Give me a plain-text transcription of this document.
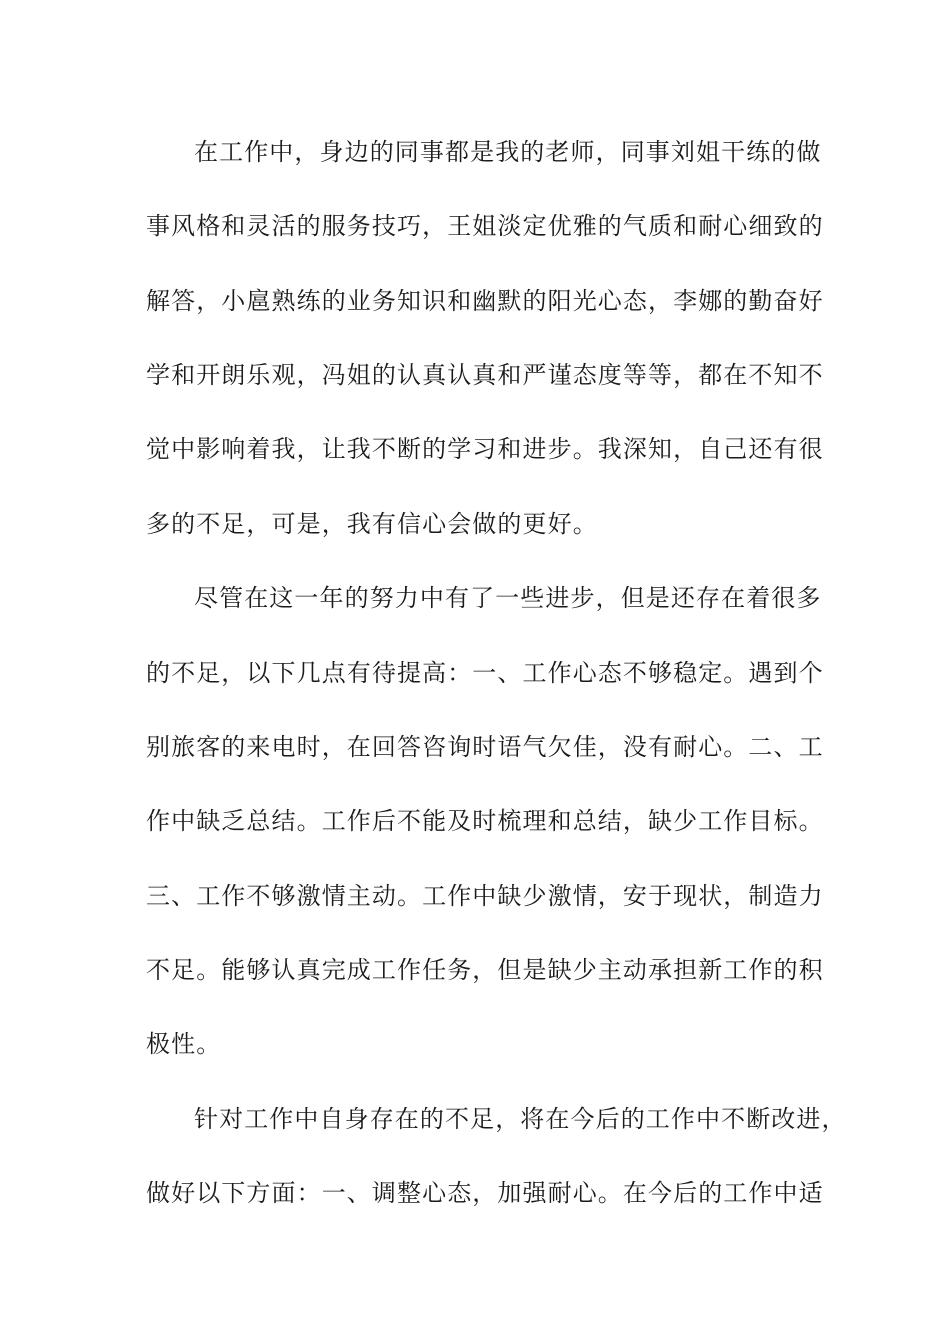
在工作中，身边的同事都是我的老师，同事刘姐干练的做
事风格和灵活的服务技巧，王姐淡定优雅的气质和耐心细致的
解答，小扈熟练的业务知识和幽默的阳光心态，李娜的勤奋好
学和开朗乐观，冯姐的认真认真和严谨态度等等，都在不知不
觉中影响着我，让我不断的学习和进步。我深知，自己还有很
多的不足，可是，我有信心会做的更好。
尽管在这一年的努力中有了一些进步，但是还存在着很多
的不足，以下几点有待提高：一、工作心态不够稳定。遇到个
别旅客的来电时，在回答咨询时语气欠佳，没有耐心。二、工
作中缺乏总结。工作后不能及时梳理和总结，缺少工作目标。
三、工作不够激情主动。工作中缺少激情，安于现状，制造力
不足。能够认真完成工作任务，但是缺少主动承担新工作的积
极性。
针对工作中自身存在的不足，将在今后的工作中不断改进，
做好以下方面：一、调整心态，加强耐心。在今后的工作中适
